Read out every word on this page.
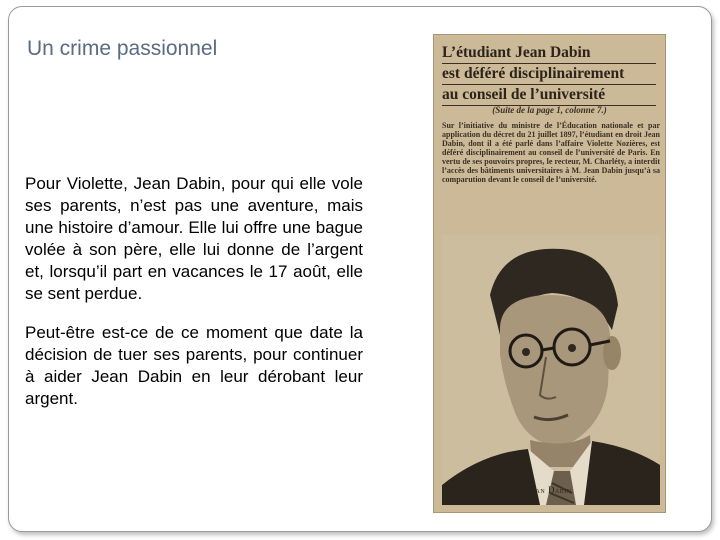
Un crime passionnel
Pour Violette, Jean Dabin, pour qui elle vole ses parents, n’est pas une aventure, mais une histoire d’amour. Elle lui offre une bague volée à son père, elle lui donne de l’argent et, lorsqu’il part en vacances le 17 août, elle se sent perdue.
Peut-être est-ce de ce moment que date la décision de tuer ses parents, pour continuer à aider Jean Dabin en leur dérobant leur argent.
L’étudiant Jean Dabin
est déféré disciplinairement
au conseil de l’université
(Suite de la page 1, colonne 7.)
Sur l’initiative du ministre de l’Éducation nationale et par application du décret du 21 juillet 1897, l’étudiant en droit Jean Dabin, dont il a été parlé dans l’affaire Violette Nozières, est déféré disciplinairement au conseil de l’université de Paris. En vertu de ses pouvoirs propres, le recteur, M. Charléty, a interdit l’accès des bâtiments universitaires à M. Jean Dabin jusqu’à sa comparution devant le conseil de l’université.
Jean Dabin
